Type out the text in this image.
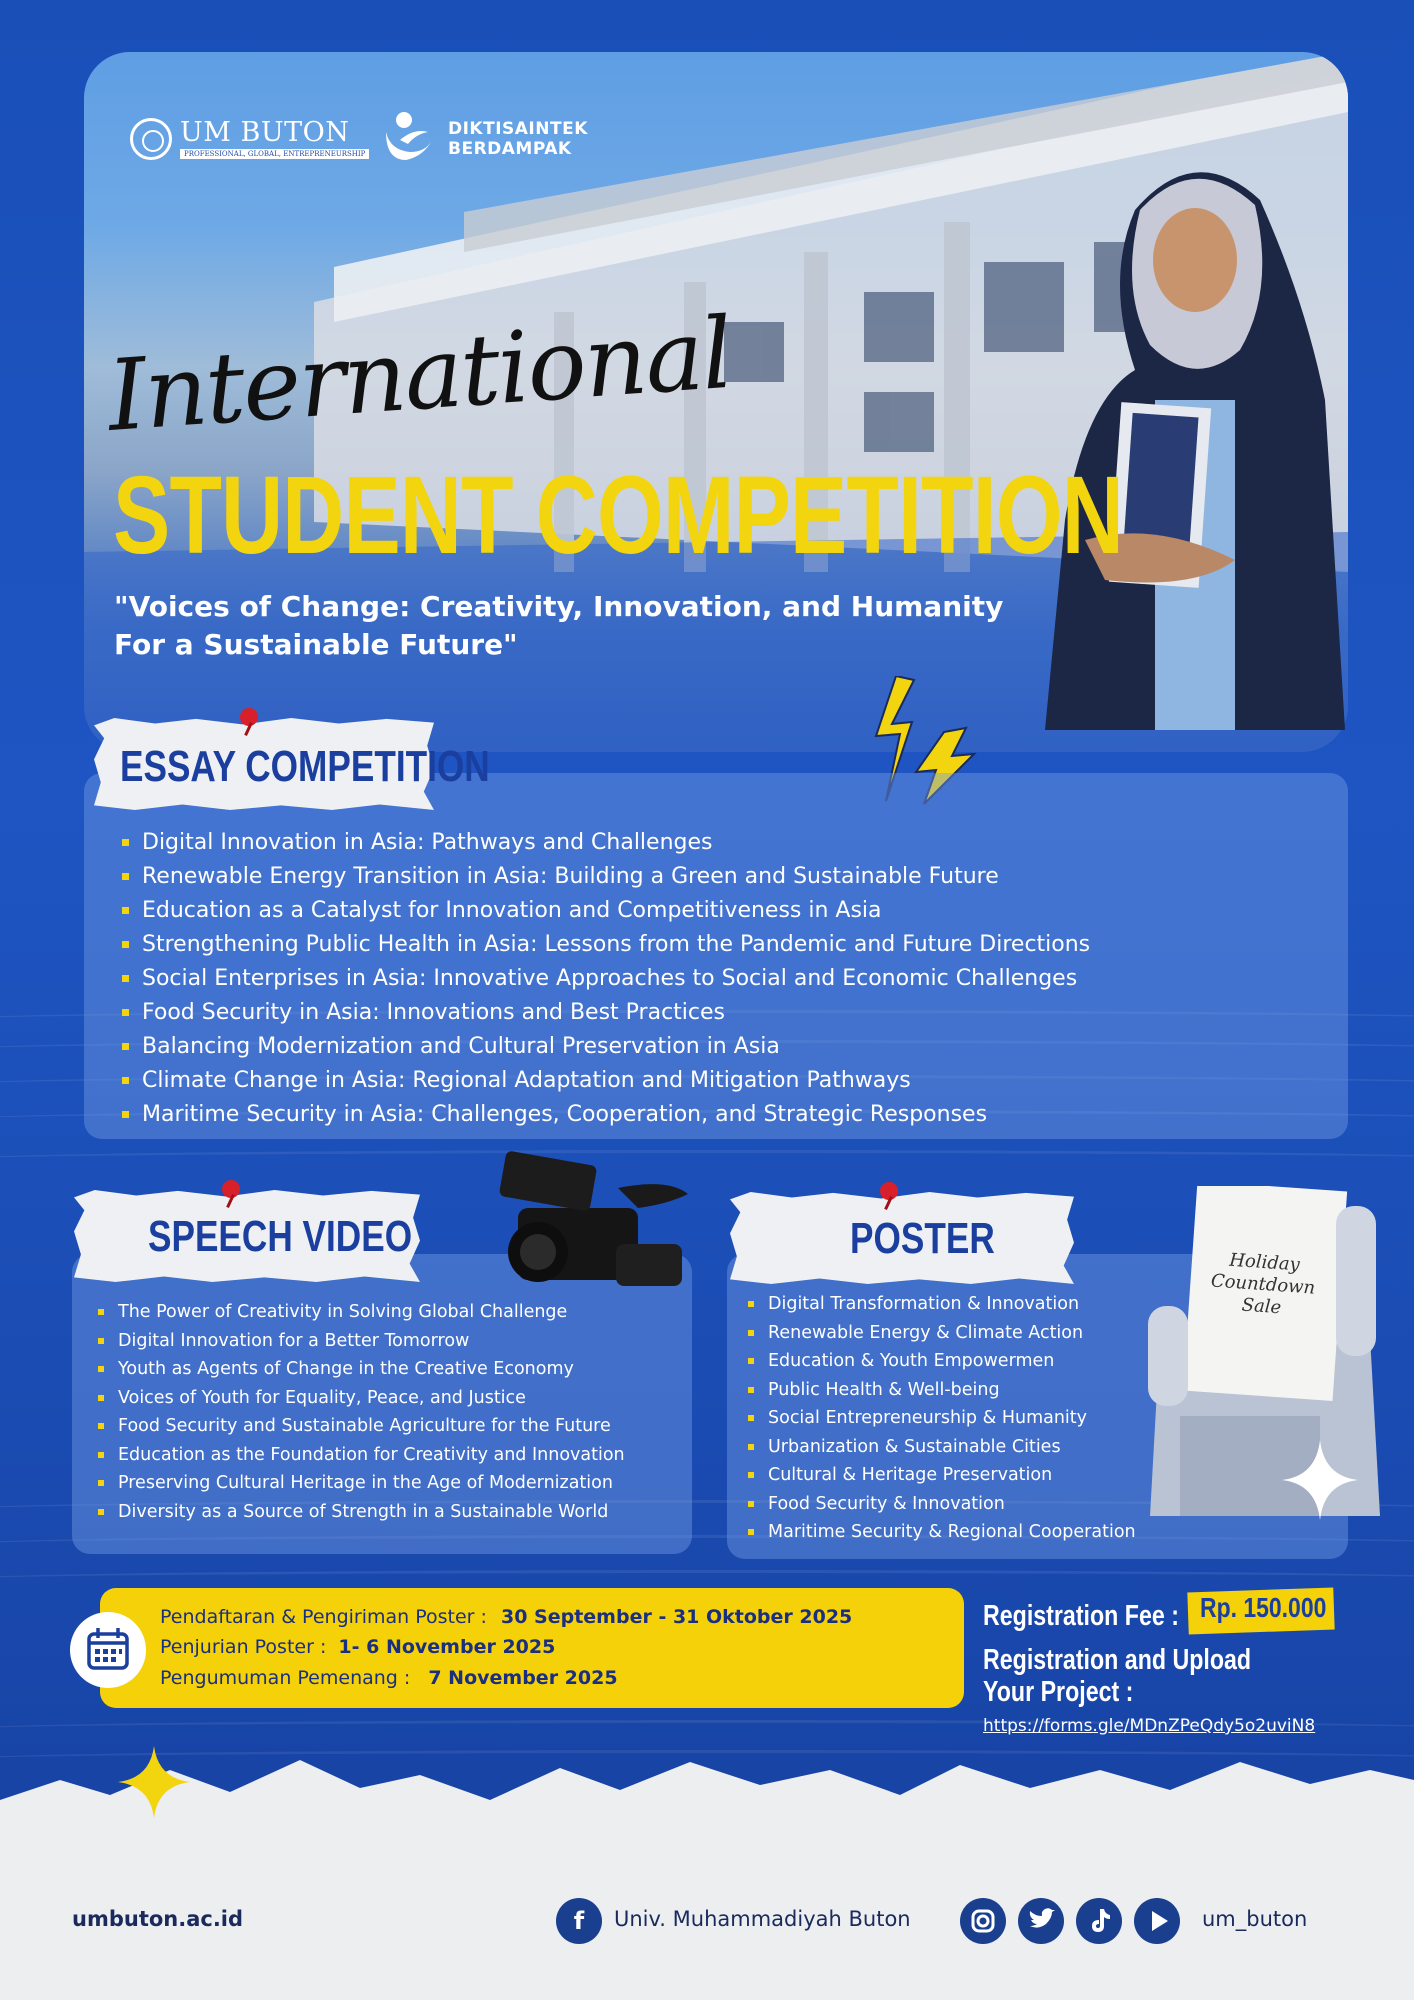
UM BUTON
PROFESSIONAL, GLOBAL, ENTREPRENEURSHIP
DIKTISAINTEK
BERDAMPAK
International
STUDENT COMPETITION
"Voices of Change: Creativity, Innovation, and Humanity
For a Sustainable Future"
ESSAY COMPETITION
Digital Innovation in Asia: Pathways and Challenges
Renewable Energy Transition in Asia: Building a Green and Sustainable Future
Education as a Catalyst for Innovation and Competitiveness in Asia
Strengthening Public Health in Asia: Lessons from the Pandemic and Future Directions
Social Enterprises in Asia: Innovative Approaches to Social and Economic Challenges
Food Security in Asia: Innovations and Best Practices
Balancing Modernization and Cultural Preservation in Asia
Climate Change in Asia: Regional Adaptation and Mitigation Pathways
Maritime Security in Asia: Challenges, Cooperation, and Strategic Responses
SPEECH VIDEO
The Power of Creativity in Solving Global Challenge
Digital Innovation for a Better Tomorrow
Youth as Agents of Change in the Creative Economy
Voices of Youth for Equality, Peace, and Justice
Food Security and Sustainable Agriculture for the Future
Education as the Foundation for Creativity and Innovation
Preserving Cultural Heritage in the Age of Modernization
Diversity as a Source of Strength in a Sustainable World
POSTER	Holiday
Countdown Sale
Digital Transformation & Innovation
Renewable Energy & Climate Action
Education & Youth Empowermen
Public Health & Well-being
Social Entrepreneurship & Humanity
Urbanization & Sustainable Cities
Cultural & Heritage Preservation
Food Security & Innovation
Maritime Security & Regional Cooperation
Pendaftaran & Pengiriman Poster : 30 September - 31 Oktober 2025
Penjurian Poster : 1- 6 November 2025
Pengumuman Pemenang : 7 November 2025
Registration Fee : Rp. 150.000
Registration and Upload
Your Project :
https://forms.gle/MDnZPeQdy5o2uviN8
umbuton.ac.id	f	Univ. Muhammadiyah Buton	um_buton
